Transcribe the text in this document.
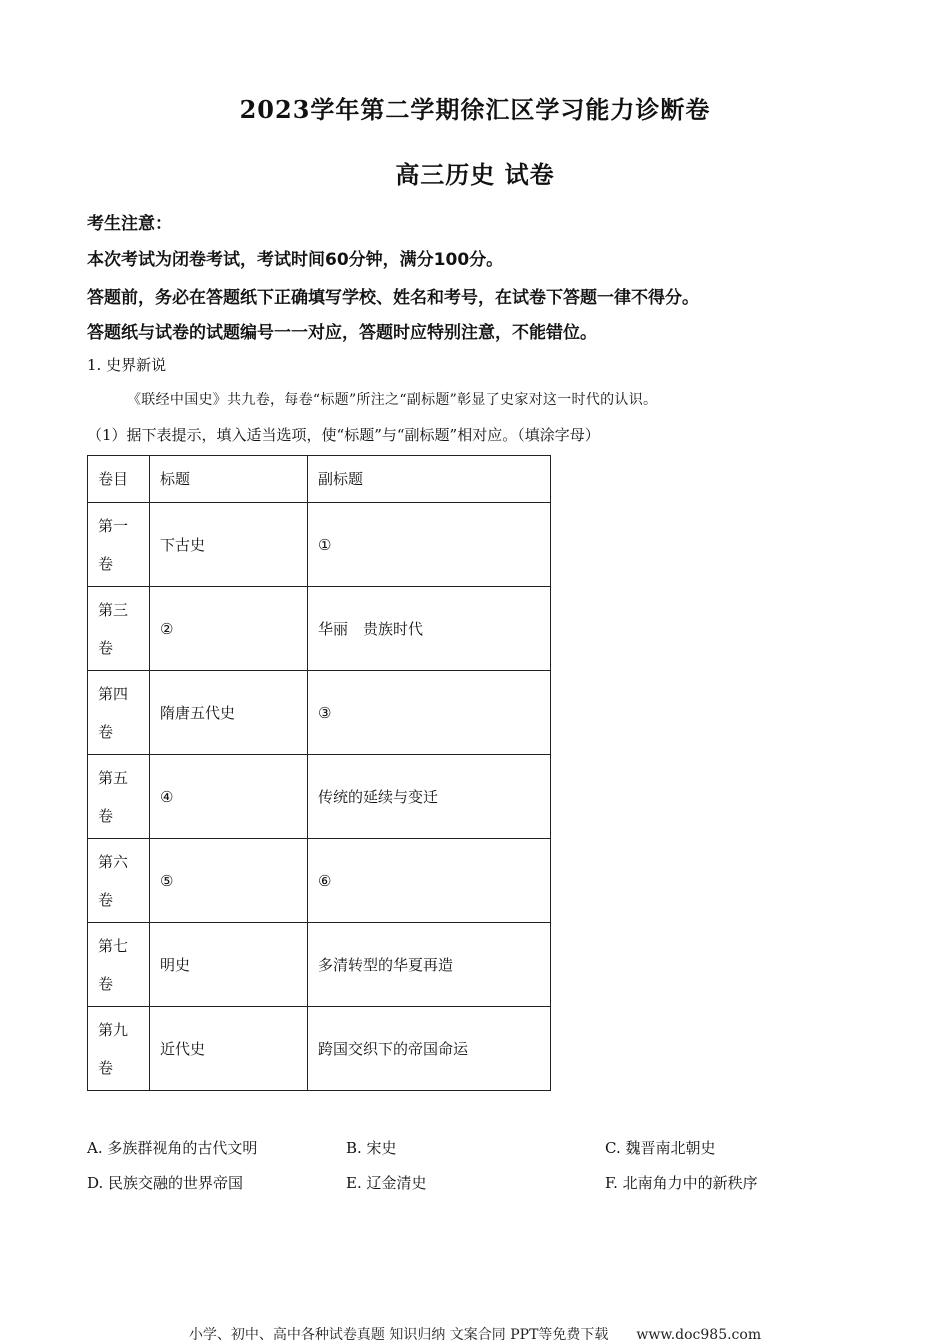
2023学年第二学期徐汇区学习能力诊断卷
高三历史 试卷
考生注意：
本次考试为闭卷考试，考试时间60分钟，满分100分。
答题前，务必在答题纸下正确填写学校、姓名和考号，在试卷下答题一律不得分。
答题纸与试卷的试题编号一一对应，答题时应特别注意，不能错位。
1. 史界新说
《联经中国史》共九卷，每卷“标题”所注之“副标题”彰显了史家对这一时代的认识。
（1）据下表提示，填入适当选项，使“标题”与“副标题”相对应。（填涂字母）
卷目	标题	副标题
第一
卷	下古史	①
第三
卷	②	华丽　贵族时代
第四
卷	隋唐五代史	③
第五
卷	④	传统的延续与变迁
第六
卷	⑤	⑥
第七
卷	明史	多清转型的华夏再造
第九
卷	近代史	跨国交织下的帝国命运
A. 多族群视角的古代文明	B. 宋史	C. 魏晋南北朝史
D. 民族交融的世界帝国	E. 辽金清史	F. 北南角力中的新秩序
小学、初中、高中各种试卷真题 知识归纳 文案合同 PPT等免费下载　　www.doc985.com
